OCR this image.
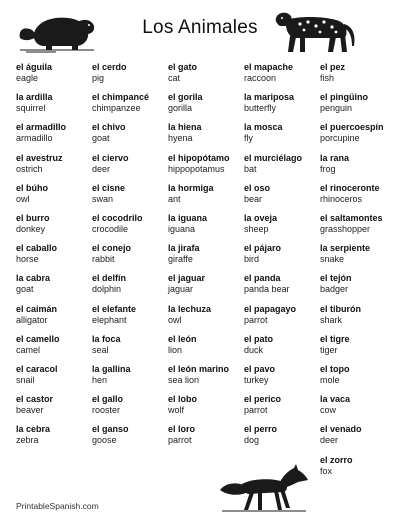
Los Animales
el águila
eagle
la ardilla
squirrel
el armadillo
armadillo
el avestruz
ostrich
el búho
owl
el burro
donkey
el caballo
horse
la cabra
goat
el caimán
alligator
el camello
camel
el caracol
snail
el castor
beaver
la cebra
zebra
el cerdo
pig
el chimpancé
chimpanzee
el chivo
goat
el ciervo
deer
el cisne
swan
el cocodrilo
crocodile
el conejo
rabbit
el delfín
dolphin
el elefante
elephant
la foca
seal
la gallina
hen
el gallo
rooster
el ganso
goose
el gato
cat
el gorila
gorilla
la hiena
hyena
el hipopótamo
hippopotamus
la hormiga
ant
la iguana
iguana
la jirafa
giraffe
el jaguar
jaguar
la lechuza
owl
el león
lion
el león marino
sea lion
el lobo
wolf
el loro
parrot
el mapache
raccoon
la mariposa
butterfly
la mosca
fly
el murciélago
bat
el oso
bear
la oveja
sheep
el pájaro
bird
el panda
panda bear
el papagayo
parrot
el pato
duck
el pavo
turkey
el perico
parrot
el perro
dog
el pez
fish
el pingüino
penguin
el puercoespín
porcupine
la rana
frog
el rinoceronte
rhinoceros
el saltamontes
grasshopper
la serpiente
snake
el tejón
badger
el tiburón
shark
el tigre
tiger
el topo
mole
la vaca
cow
el venado
deer
el zorro
fox
PrintableSpanish.com
